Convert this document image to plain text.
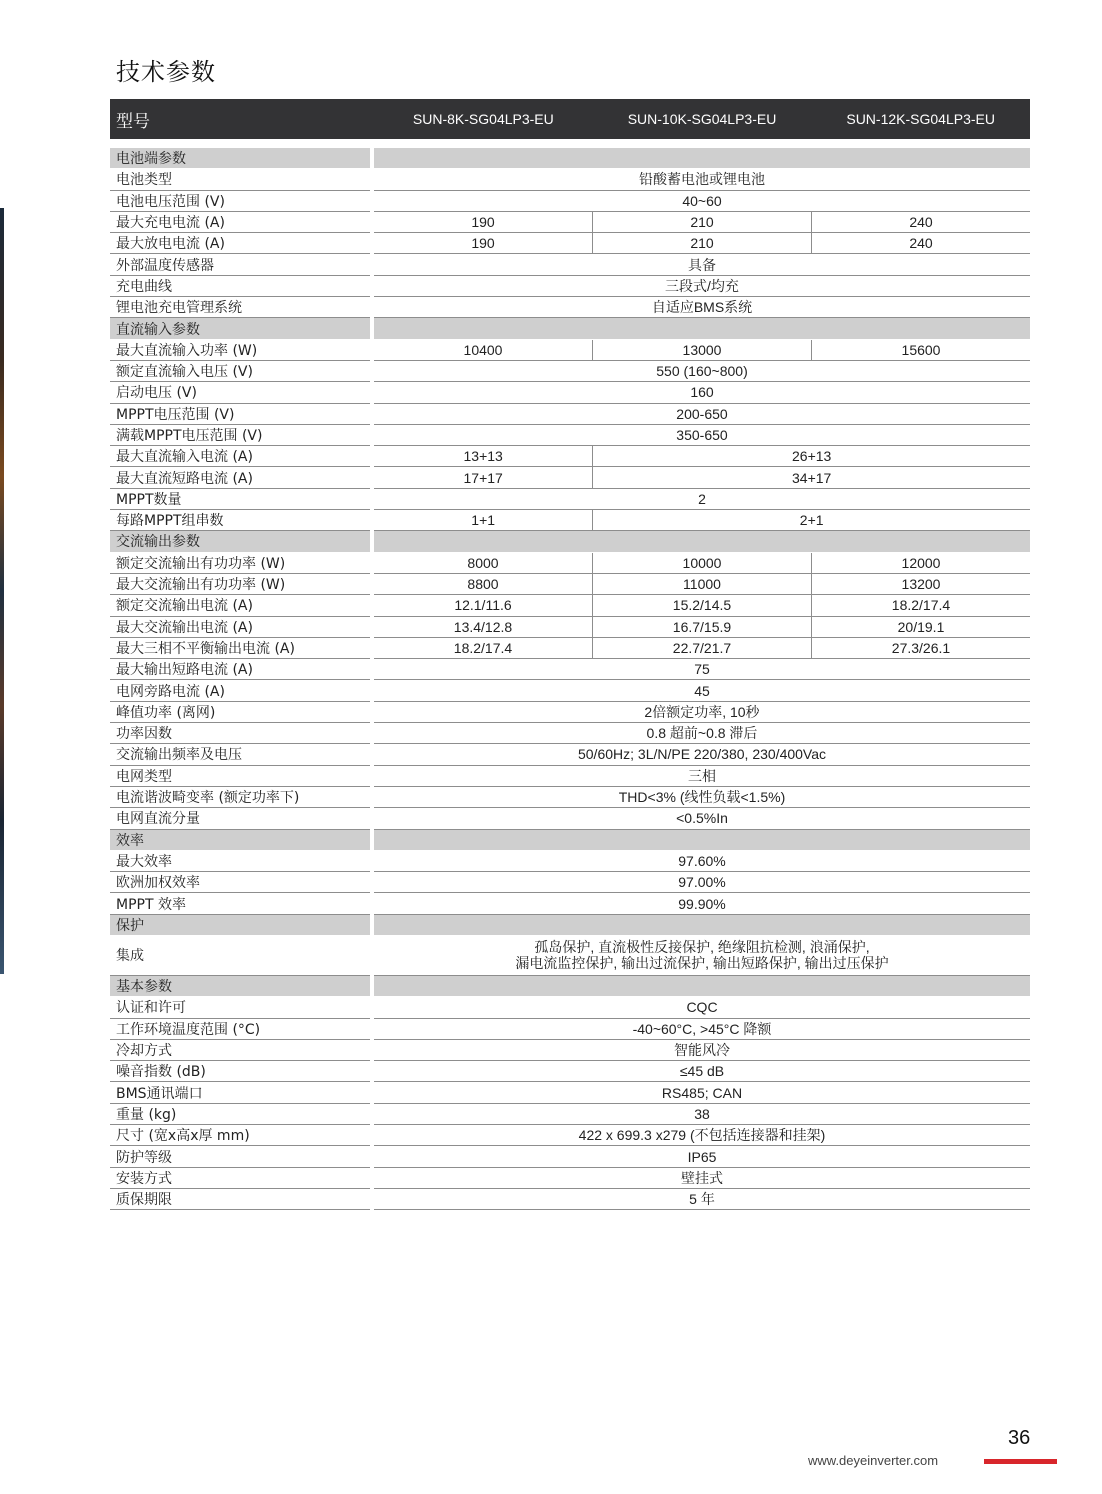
技术参数
型号	SUN-8K-SG04LP3-EU	SUN-10K-SG04LP3-EU	SUN-12K-SG04LP3-EU
电池端参数
电池类型	铅酸蓄电池或锂电池
电池电压范围 (V)	40~60
最大充电电流 (A)	190	210	240
最大放电电流 (A)	190	210	240
外部温度传感器	具备
充电曲线	三段式/均充
锂电池充电管理系统	自适应BMS系统
直流输入参数
最大直流输入功率 (W)	10400	13000	15600
额定直流输入电压 (V)	550 (160~800)
启动电压 (V)	160
MPPT电压范围 (V)	200-650
满载MPPT电压范围 (V)	350-650
最大直流输入电流 (A)	13+13	26+13
最大直流短路电流 (A)	17+17	34+17
MPPT数量	2
每路MPPT组串数	1+1	2+1
交流输出参数
额定交流输出有功功率 (W)	8000	10000	12000
最大交流输出有功功率 (W)	8800	11000	13200
额定交流输出电流 (A)	12.1/11.6	15.2/14.5	18.2/17.4
最大交流输出电流 (A)	13.4/12.8	16.7/15.9	20/19.1
最大三相不平衡输出电流 (A)	18.2/17.4	22.7/21.7	27.3/26.1
最大输出短路电流 (A)	75
电网旁路电流 (A)	45
峰值功率 (离网)	2倍额定功率, 10秒
功率因数	0.8 超前~0.8 滞后
交流输出频率及电压	50/60Hz; 3L/N/PE 220/380, 230/400Vac
电网类型	三相
电流谐波畸变率 (额定功率下)	THD<3% (线性负载<1.5%)
电网直流分量	<0.5%In
效率
最大效率	97.60%
欧洲加权效率	97.00%
MPPT 效率	99.90%
保护
集成
孤岛保护, 直流极性反接保护, 绝缘阻抗检测, 浪涌保护,
漏电流监控保护, 输出过流保护, 输出短路保护, 输出过压保护
基本参数
认证和许可	CQC
工作环境温度范围 (°C)	-40~60°C, >45°C 降额
冷却方式	智能风冷
噪音指数 (dB)	≤45 dB
BMS通讯端口	RS485; CAN
重量 (kg)	38
尺寸 (宽x高x厚 mm)	422 x 699.3 x279 (不包括连接器和挂架)
防护等级	IP65
安装方式	壁挂式
质保期限	5 年
36
www.deyeinverter.com
